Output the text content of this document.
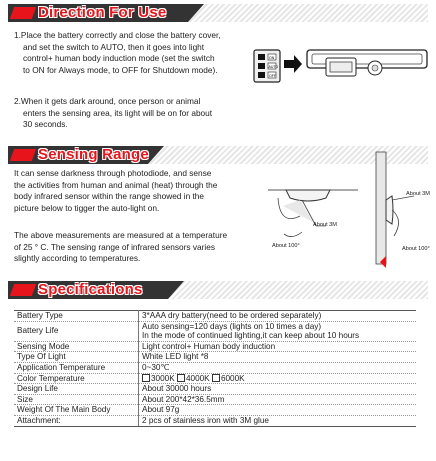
Direction For Use

1.Place the battery correctly and close the battery cover,

and set the switch to AUTO, then it goes into light

control+ human body induction mode (set the switch

to ON for Always mode, to OFF for Shutdown mode).

ON
AUTO
OFF

2.When it gets dark around, once person or animal

enters the sensing area, its light will be on for about

30 seconds.

Sensing Range

It can sense darkness through photodiode, and sense

the activities from human and animal (heat) through the

body infrared sensor within the range showed in the

picture below to tigger the auto-light on.

The above measurements are measured at a temperature

of 25 ° C. The sensing range of infrared sensors varies

slightly according to temperatures.

About 3M
About 100°
About 3M
About 100°
Specifications
Battery Type	3*AAA dry battery(need to be ordered separately)
Battery Life	Auto sensing=120 days (lights on 10 times a day)
In the mode of continued lighting,it can keep about 10 hours

Sensing Mode	Light control+ Human body induction
Type Of Light	White LED light *8
Application Temperature	0~30℃
Color Temperature	3000K 4000K 6000K
Design Life	About 30000 hours
Size	About 200*42*36.5mm
Weight Of The Main Body	About 97g
Attachment:	2 pcs of stainless iron with 3M glue
